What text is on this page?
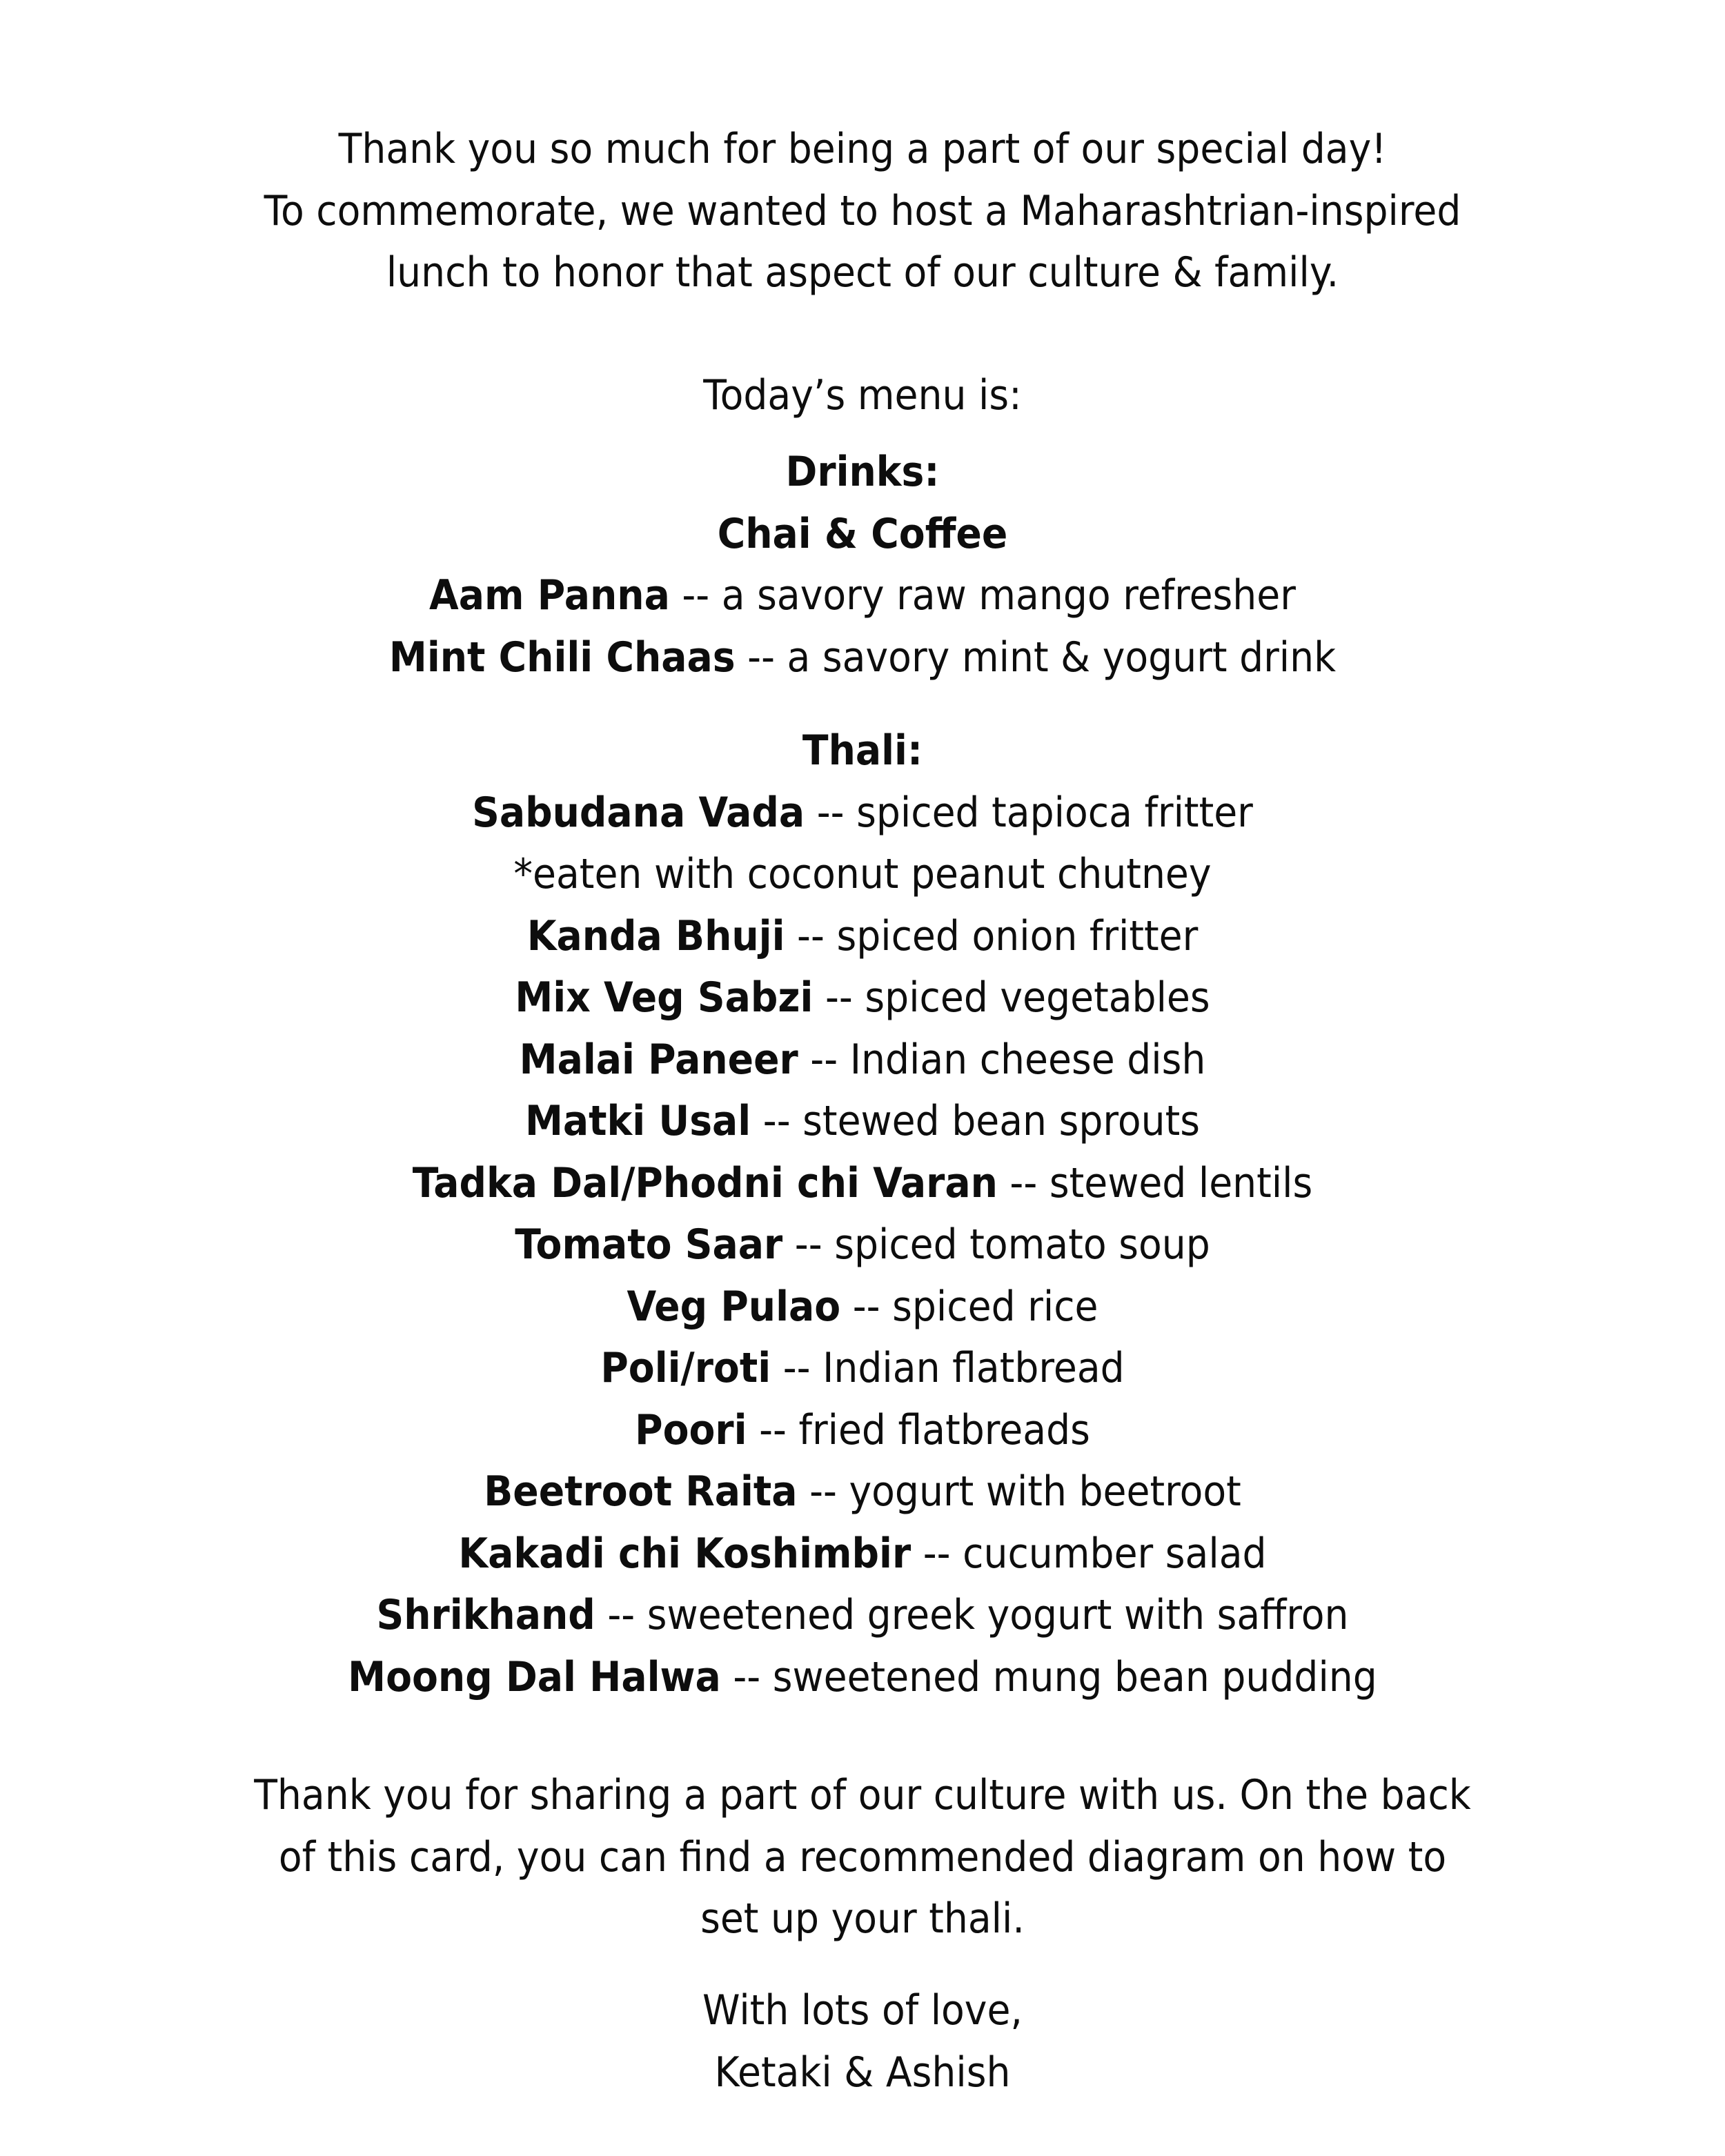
Thank you so much for being a part of our special day!
To commemorate, we wanted to host a Maharashtrian-inspired
lunch to honor that aspect of our culture & family.
Today’s menu is:
Drinks:
Chai & Coffee
Aam Panna -- a savory raw mango refresher
Mint Chili Chaas -- a savory mint & yogurt drink
Thali:
Sabudana Vada -- spiced tapioca fritter
*eaten with coconut peanut chutney
Kanda Bhuji -- spiced onion fritter
Mix Veg Sabzi -- spiced vegetables
Malai Paneer -- Indian cheese dish
Matki Usal -- stewed bean sprouts
Tadka Dal/Phodni chi Varan -- stewed lentils
Tomato Saar -- spiced tomato soup
Veg Pulao -- spiced rice
Poli/roti -- Indian flatbread
Poori -- fried flatbreads
Beetroot Raita -- yogurt with beetroot
Kakadi chi Koshimbir -- cucumber salad
Shrikhand -- sweetened greek yogurt with saffron
Moong Dal Halwa -- sweetened mung bean pudding
Thank you for sharing a part of our culture with us. On the back
of this card, you can find a recommended diagram on how to
set up your thali.
With lots of love,
Ketaki & Ashish
